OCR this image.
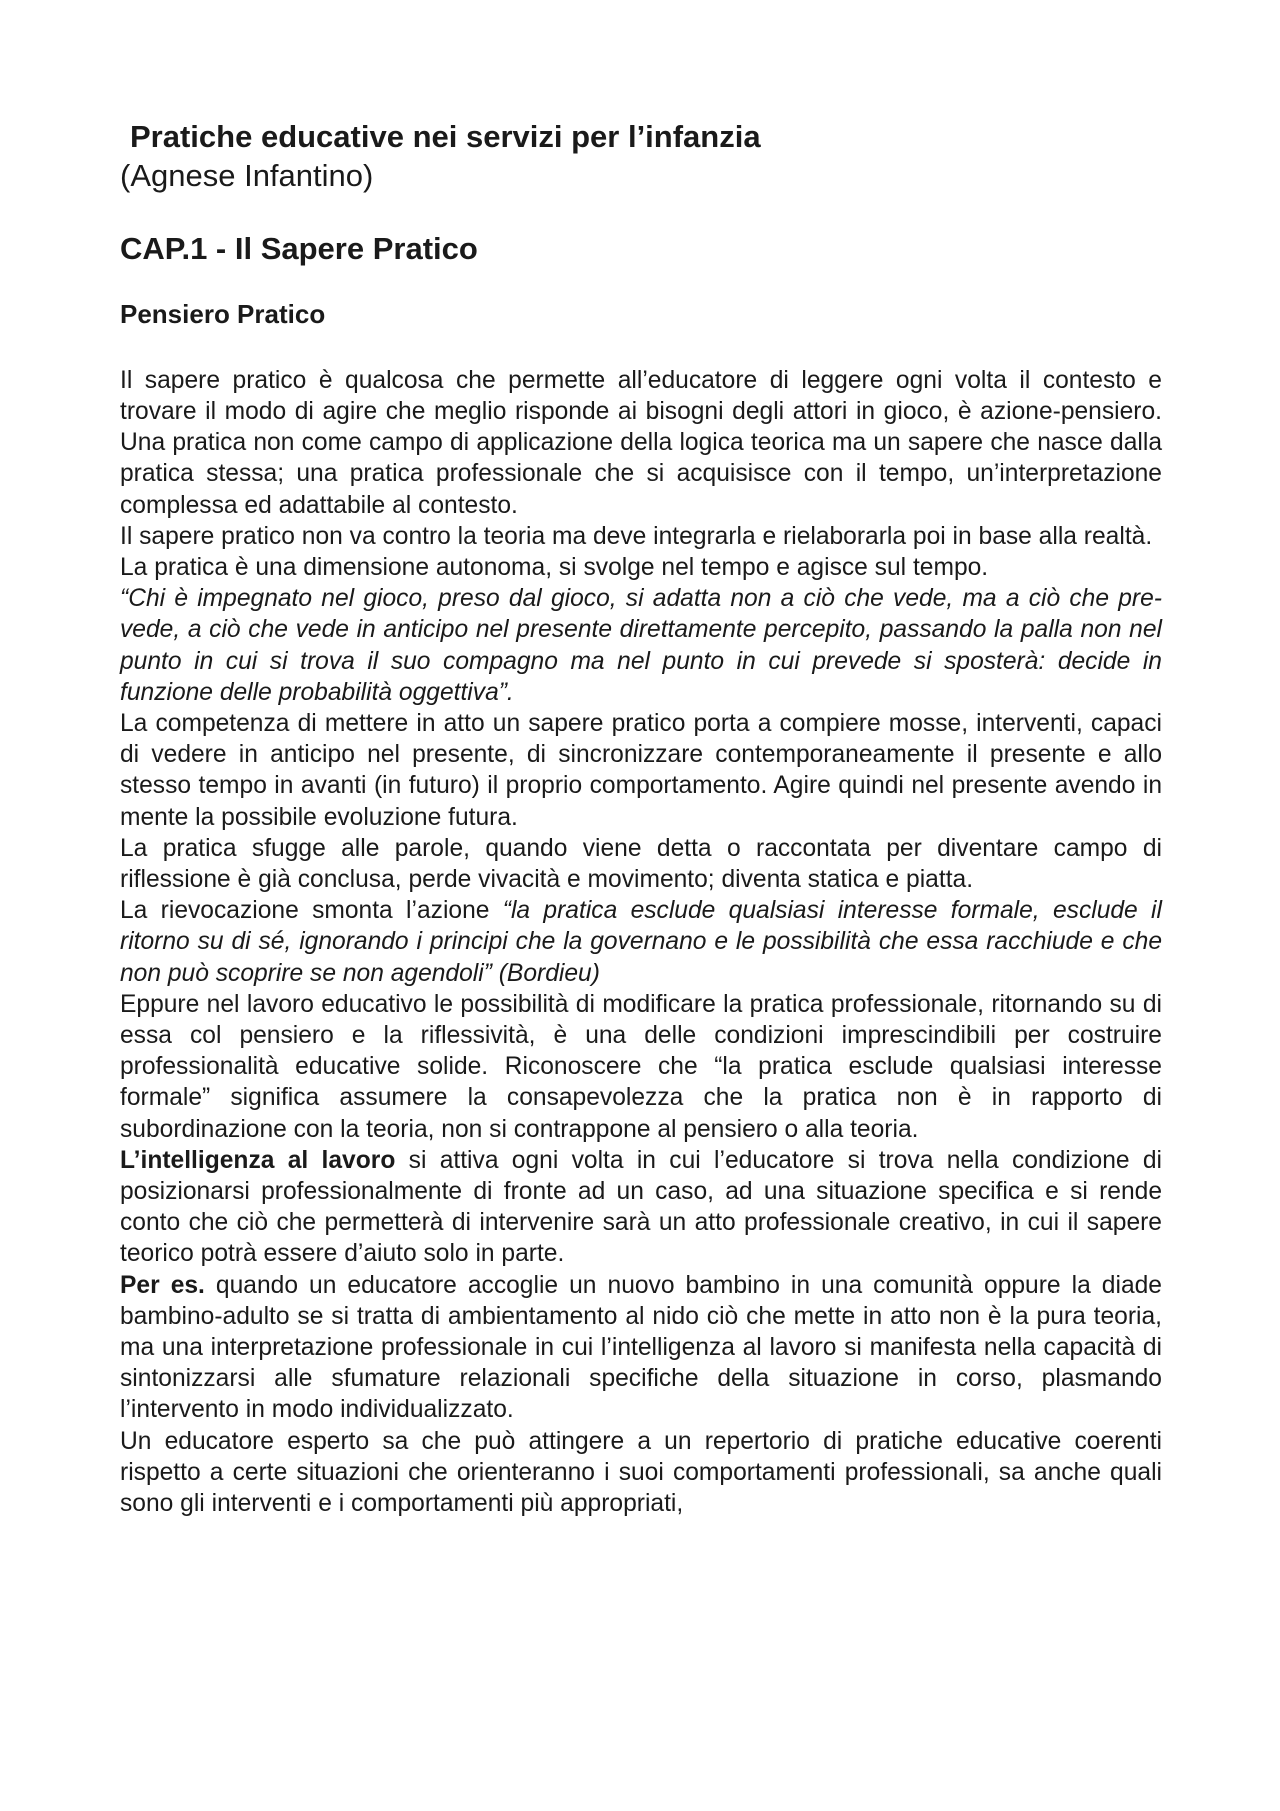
Pratiche educative nei servizi per l’infanzia
(Agnese Infantino)
CAP.1 - Il Sapere Pratico
Pensiero Pratico

Il sapere pratico è qualcosa che permette all’educatore di leggere ogni volta il contesto e trovare il modo di agire che meglio risponde ai bisogni degli attori in gioco, è azione-pensiero. Una pratica non come campo di applicazione della logica teorica ma un sapere che nasce dalla pratica stessa; una pratica professionale che si acquisisce con il tempo, un’interpretazione complessa ed adattabile al contesto.

Il sapere pratico non va contro la teoria ma deve integrarla e rielaborarla poi in base alla realtà.

La pratica è una dimensione autonoma, si svolge nel tempo e agisce sul tempo.

“Chi è impegnato nel gioco, preso dal gioco, si adatta non a ciò che vede, ma a ciò che pre-vede, a ciò che vede in anticipo nel presente direttamente percepito, passando la palla non nel punto in cui si trova il suo compagno ma nel punto in cui prevede si sposterà: decide in funzione delle probabilità oggettiva”.

La competenza di mettere in atto un sapere pratico porta a compiere mosse, interventi, capaci di vedere in anticipo nel presente, di sincronizzare contemporaneamente il presente e allo stesso tempo in avanti (in futuro) il proprio comportamento. Agire quindi nel presente avendo in mente la possibile evoluzione futura.

La pratica sfugge alle parole, quando viene detta o raccontata per diventare campo di riflessione è già conclusa, perde vivacità e movimento; diventa statica e piatta.

La rievocazione smonta l’azione “la pratica esclude qualsiasi interesse formale, esclude il ritorno su di sé, ignorando i principi che la governano e le possibilità che essa racchiude e che non può scoprire se non agendoli” (Bordieu)

Eppure nel lavoro educativo le possibilità di modificare la pratica professionale, ritornando su di essa col pensiero e la riflessività, è una delle condizioni imprescindibili per costruire professionalità educative solide. Riconoscere che “la pratica esclude qualsiasi interesse formale” significa assumere la consapevolezza che la pratica non è in rapporto di subordinazione con la teoria, non si contrappone al pensiero o alla teoria.

L’intelligenza al lavoro si attiva ogni volta in cui l’educatore si trova nella condizione di posizionarsi professionalmente di fronte ad un caso, ad una situazione specifica e si rende conto che ciò che permetterà di intervenire sarà un atto professionale creativo, in cui il sapere teorico potrà essere d’aiuto solo in parte.

Per es. quando un educatore accoglie un nuovo bambino in una comunità oppure la diade bambino-adulto se si tratta di ambientamento al nido ciò che mette in atto non è la pura teoria, ma una interpretazione professionale in cui l’intelligenza al lavoro si manifesta nella capacità di sintonizzarsi alle sfumature relazionali specifiche della situazione in corso, plasmando l’intervento in modo individualizzato.

Un educatore esperto sa che può attingere a un repertorio di pratiche educative coerenti rispetto a certe situazioni che orienteranno i suoi comportamenti professionali, sa anche quali sono gli interventi e i comportamenti più appropriati,
